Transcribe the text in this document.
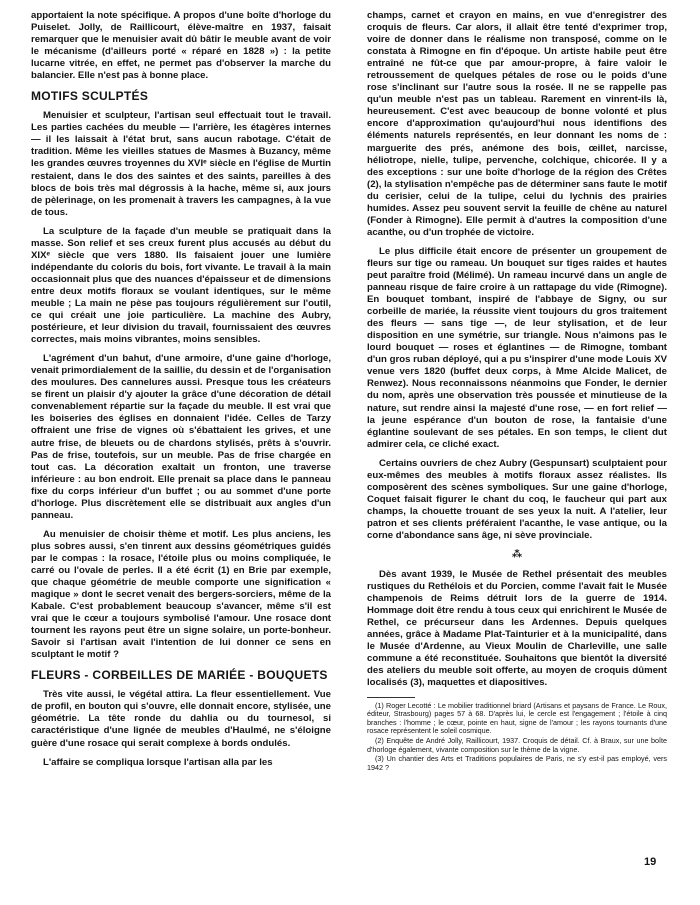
apportaient la note spécifique. A propos d'une boîte d'horloge du Puiselet. Jolly, de Raillicourt, élève-maître en 1937, faisait remarquer que le menuisier avait dû bâtir le meuble avant de voir le mécanisme (d'ailleurs porté « réparé en 1828 ») : la petite lucarne vitrée, en effet, ne permet pas d'observer la marche du balancier. Elle n'est pas à bonne place.

MOTIFS SCULPTÉS

Menuisier et sculpteur, l'artisan seul effectuait tout le travail. Les parties cachées du meuble — l'arrière, les étagères internes — il les laissait à l'état brut, sans aucun rabotage. C'était de tradition. Même les vieilles statues de Masmes à Buzancy, même les grandes œuvres troyennes du XVIᵉ siècle en l'église de Murtin restaient, dans le dos des saintes et des saints, pareilles à des blocs de bois très mal dégrossis à la hache, même si, aux jours de pèlerinage, on les promenait à travers les campagnes, à la vue de tous.

La sculpture de la façade d'un meuble se pratiquait dans la masse. Son relief et ses creux furent plus accusés au début du XIXᵉ siècle que vers 1880. Ils faisaient jouer une lumière indépendante du coloris du bois, fort vivante. Le travail à la main occasionnait plus que des nuances d'épaisseur et de dimensions entre deux motifs floraux se voulant identiques, sur le même meuble ; La main ne pèse pas toujours régulièrement sur l'outil, ce qui créait une joie particulière. La machine des Aubry, postérieure, et leur division du travail, fournissaient des œuvres correctes, mais moins vibrantes, moins sensibles.

L'agrément d'un bahut, d'une armoire, d'une gaine d'horloge, venait primordialement de la saillie, du dessin et de l'organisation des moulures. Des cannelures aussi. Presque tous les créateurs se firent un plaisir d'y ajouter la grâce d'une décoration de détail convenablement répartie sur la façade du meuble. Il est vrai que les boiseries des églises en donnaient l'idée. Celles de Tarzy offraient une frise de vignes où s'ébattaient les grives, et une autre frise, de bleuets ou de chardons stylisés, prêts à s'ouvrir. Pas de frise, toutefois, sur un meuble. Pas de frise chargée en tout cas. La décoration exaltait un fronton, une traverse inférieure : au bon endroit. Elle prenait sa place dans le panneau fixe du corps inférieur d'un buffet ; ou au sommet d'une porte d'horloge. Plus discrètement elle se distribuait aux angles d'un panneau.

Au menuisier de choisir thème et motif. Les plus anciens, les plus sobres aussi, s'en tinrent aux dessins géométriques guidés par le compas : la rosace, l'étoile plus ou moins compliquée, le carré ou l'ovale de perles. Il a été écrit (1) en Brie par exemple, que chaque géométrie de meuble comporte une signification « magique » dont le secret venait des bergers-sorciers, même de la Kabale. C'est probablement beaucoup s'avancer, même s'il est vrai que le cœur a toujours symbolisé l'amour. Une rosace dont tournent les rayons peut être un signe solaire, un porte-bonheur. Savoir si l'artisan avait l'intention de lui donner ce sens en sculptant le motif ?

FLEURS - CORBEILLES DE MARIÉE - BOUQUETS

Très vite aussi, le végétal attira. La fleur essentiellement. Vue de profil, en bouton qui s'ouvre, elle donnait encore, stylisée, une géométrie. La tête ronde du dahlia ou du tournesol, si caractéristique d'une lignée de meubles d'Haulmé, ne s'éloigne guère d'une rosace qui serait complexe à bords ondulés.

L'affaire se compliqua lorsque l'artisan alla par les

champs, carnet et crayon en mains, en vue d'enregistrer des croquis de fleurs. Car alors, il allait être tenté d'exprimer trop, voire de donner dans le réalisme non transposé, comme on le constata à Rimogne en fin d'époque. Un artiste habile peut être entraîné ne fût-ce que par amour-propre, à faire valoir le retroussement de quelques pétales de rose ou le poids d'une rose s'inclinant sur l'autre sous la rosée. Il ne se rappelle pas qu'un meuble n'est pas un tableau. Rarement en vinrent-ils là, heureusement. C'est avec beaucoup de bonne volonté et plus encore d'approximation qu'aujourd'hui nous identifions des éléments naturels représentés, en leur donnant les noms de : marguerite des prés, anémone des bois, œillet, narcisse, héliotrope, nielle, tulipe, pervenche, colchique, chicorée. Il y a des exceptions : sur une boîte d'horloge de la région des Crêtes (2), la stylisation n'empêche pas de déterminer sans faute le motif du cerisier, celui de la tulipe, celui du lychnis des prairies humides. Assez peu souvent servit la feuille de chêne au naturel (Fonder à Rimogne). Elle permit à d'autres la composition d'une acanthe, ou d'un trophée de victoire.

Le plus difficile était encore de présenter un groupement de fleurs sur tige ou rameau. Un bouquet sur tiges raides et hautes peut paraître froid (Mélimé). Un rameau incurvé dans un angle de panneau risque de faire croire à un rattapage du vide (Rimogne). En bouquet tombant, inspiré de l'abbaye de Signy, ou sur corbeille de mariée, la réussite vient toujours du gros traitement des fleurs — sans tige —, de leur stylisation, et de leur disposition en une symétrie, sur triangle. Nous n'aimons pas le lourd bouquet — roses et églantines — de Rimogne, tombant d'un gros ruban déployé, qui a pu s'inspirer d'une mode Louis XV venue vers 1820 (buffet deux corps, à Mme Alcide Malicet, de Renwez). Nous reconnaissons néanmoins que Fonder, le dernier du nom, après une observation très poussée et minutieuse de la nature, sut rendre ainsi la majesté d'une rose, — en fort relief — la jeune espérance d'un bouton de rose, la fantaisie d'une églantine soulevant de ses pétales. En son temps, le client dut admirer cela, ce cliché exact.

Certains ouvriers de chez Aubry (Gespunsart) sculptaient pour eux-mêmes des meubles à motifs floraux assez réalistes. Ils composèrent des scènes symboliques. Sur une gaine d'horloge, Coquet faisait figurer le chant du coq, le faucheur qui part aux champs, la chouette trouant de ses yeux la nuit. A l'atelier, leur patron et ses clients préféraient l'acanthe, le vase antique, ou la corne d'abondance sans âge, ni sève provinciale.

⁂

Dès avant 1939, le Musée de Rethel présentait des meubles rustiques du Rethélois et du Porcien, comme l'avait fait le Musée champenois de Reims détruit lors de la guerre de 1914. Hommage doit être rendu à tous ceux qui enrichirent le Musée de Rethel, ce précurseur dans les Ardennes. Depuis quelques années, grâce à Madame Plat-Tainturier et à la municipalité, dans le Musée d'Ardenne, au Vieux Moulin de Charleville, une salle commune a été reconstituée. Souhaitons que bientôt la diversité des ateliers du meuble soit offerte, au moyen de croquis dûment localisés (3), maquettes et diapositives.

(1) Roger Lecotté : Le mobilier traditionnel briard (Artisans et paysans de France. Le Roux, éditeur, Strasbourg) pages 57 à 68. D'après lui, le cercle est l'engagement ; l'étoile à cinq branches : l'homme ; le cœur, pointe en haut, signe de l'amour ; les rayons tournants d'une rosace représentent le soleil cosmique.
(2) Enquête de André Jolly, Raillicourt, 1937. Croquis de détail. Cf. à Braux, sur une boîte d'horloge également, vivante composition sur le thème de la vigne.
(3) Un chantier des Arts et Traditions populaires de Paris, ne s'y est-il pas employé, vers 1942 ?
19
